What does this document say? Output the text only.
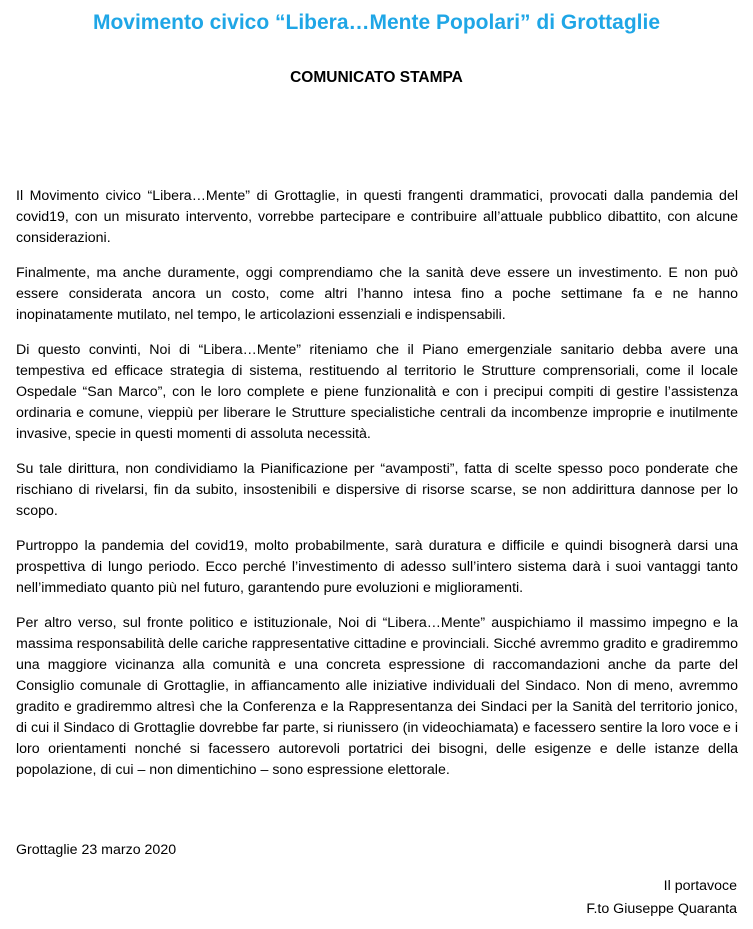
Movimento civico “Libera…Mente Popolari” di Grottaglie
COMUNICATO STAMPA

Il Movimento civico “Libera…Mente” di Grottaglie, in questi frangenti drammatici, provocati dalla pandemia del covid19, con un misurato intervento, vorrebbe partecipare e contribuire all’attuale pubblico dibattito, con alcune considerazioni.

Finalmente, ma anche duramente, oggi comprendiamo che la sanità deve essere un investimento. E non può essere considerata ancora un costo, come altri l’hanno intesa fino a poche settimane fa e ne hanno inopinatamente mutilato, nel tempo, le articolazioni essenziali e indispensabili.

Di questo convinti, Noi di “Libera…Mente” riteniamo che il Piano emergenziale sanitario debba avere una tempestiva ed efficace strategia di sistema, restituendo al territorio le Strutture comprensoriali, come il locale Ospedale “San Marco”, con le loro complete e piene funzionalità e con i precipui compiti di gestire l’assistenza ordinaria e comune, vieppiù per liberare le Strutture specialistiche centrali da incombenze improprie e inutilmente invasive, specie in questi momenti di assoluta necessità.

Su tale dirittura, non condividiamo la Pianificazione per “avamposti”, fatta di scelte spesso poco ponderate che rischiano di rivelarsi, fin da subito, insostenibili e dispersive di risorse scarse, se non addirittura dannose per lo scopo.

Purtroppo la pandemia del covid19, molto probabilmente, sarà duratura e difficile e quindi bisognerà darsi una prospettiva di lungo periodo. Ecco perché l’investimento di adesso sull’intero sistema darà i suoi vantaggi tanto nell’immediato quanto più nel futuro, garantendo pure evoluzioni e miglioramenti.

Per altro verso, sul fronte politico e istituzionale, Noi di “Libera…Mente” auspichiamo il massimo impegno e la massima responsabilità delle cariche rappresentative cittadine e provinciali. Sicché avremmo gradito e gradiremmo una maggiore vicinanza alla comunità e una concreta espressione di raccomandazioni anche da parte del Consiglio comunale di Grottaglie, in affiancamento alle iniziative individuali del Sindaco. Non di meno, avremmo gradito e gradiremmo altresì che la Conferenza e la Rappresentanza dei Sindaci per la Sanità del territorio jonico, di cui il Sindaco di Grottaglie dovrebbe far parte, si riunissero (in videochiamata) e facessero sentire la loro voce e i loro orientamenti nonché si facessero autorevoli portatrici dei bisogni, delle esigenze e delle istanze della popolazione, di cui – non dimentichino – sono espressione elettorale.

Grottaglie 23 marzo 2020

Il portavoce
F.to Giuseppe Quaranta
